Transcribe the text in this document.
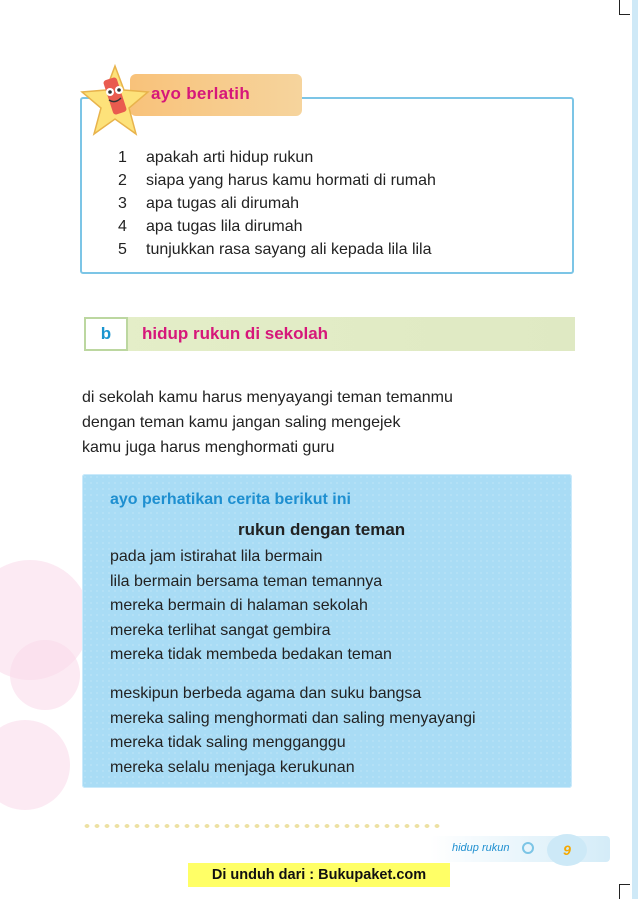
ayo berlatih
1 apakah arti hidup rukun
2 siapa yang harus kamu hormati di rumah
3 apa tugas ali dirumah
4 apa tugas lila dirumah
5 tunjukkan rasa sayang ali kepada lila lila
b	hidup rukun di sekolah
di sekolah kamu harus menyayangi teman temanmu
dengan teman kamu jangan saling mengejek
kamu juga harus menghormati guru
ayo perhatikan cerita berikut ini
rukun dengan teman
pada jam istirahat lila bermain
lila bermain bersama teman temannya
mereka bermain di halaman sekolah
mereka terlihat sangat gembira
mereka tidak membeda bedakan teman
meskipun berbeda agama dan suku bangsa
mereka saling menghormati dan saling menyayangi
mereka tidak saling mengganggu
mereka selalu menjaga kerukunan
hidup rukun	9
Di unduh dari : Bukupaket.com
